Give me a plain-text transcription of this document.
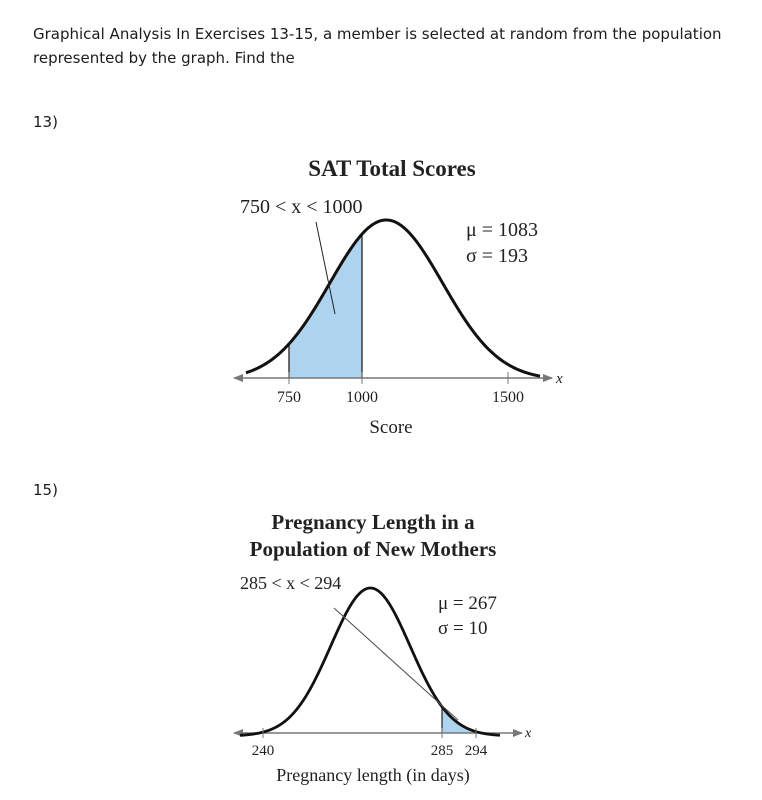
Graphical Analysis In Exercises 13-15, a member is selected at random from the population represented by the graph. Find the
13)
15)
SAT Total Scores
750 < x < 1000
μ = 1083
σ = 193
750	1000	1500
x
Score
Pregnancy Length in a
Population of New Mothers
285 < x < 294
μ = 267
σ = 10
240	285 294
x
Pregnancy length (in days)
